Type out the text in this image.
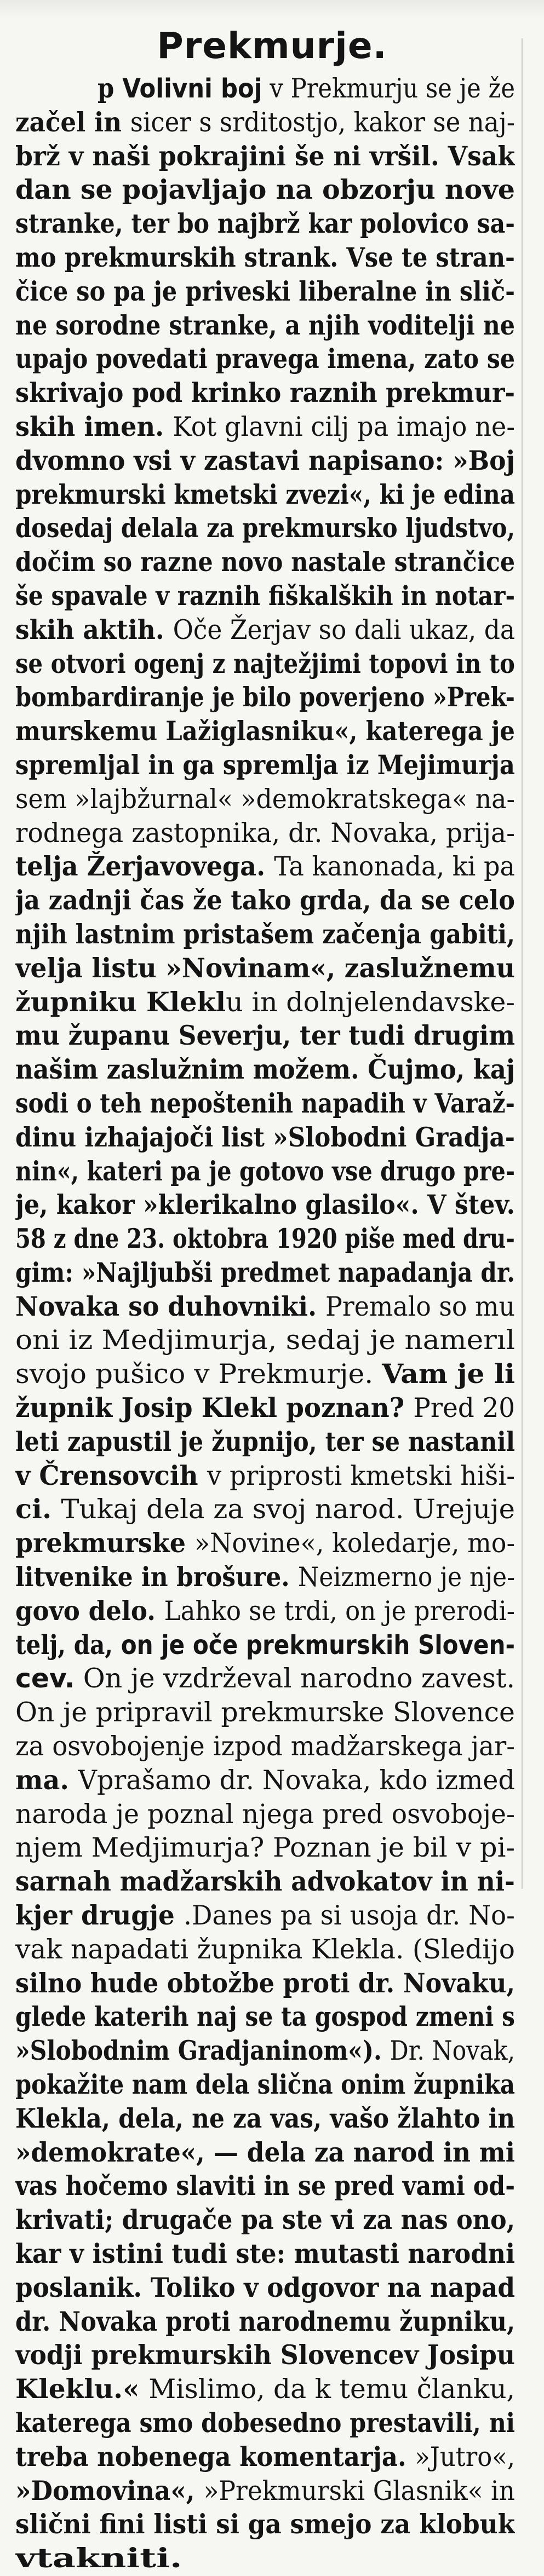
Prekmurje.
p Volivni boj v Prekmurju se je že
začel in sicer s srditostjo, kakor se naj-
brž v naši pokrajini še ni vršil. Vsak
dan se pojavljajo na obzorju nove
stranke, ter bo najbrž kar polovico sa-
mo prekmurskih strank. Vse te stran-
čice so pa je priveski liberalne in slič-
ne sorodne stranke, a njih voditelji ne
upajo povedati pravega imena, zato se
skrivajo pod krinko raznih prekmur-
skih imen. Kot glavni cilj pa imajo ne-
dvomno vsi v zastavi napisano: »Boj
prekmurski kmetski zvezi«, ki je edina
dosedaj delala za prekmursko ljudstvo,
dočim so razne novo nastale strančice
še spavale v raznih fiškalških in notar-
skih aktih. Oče Žerjav so dali ukaz, da
se otvori ogenj z najtežjimi topovi in to
bombardiranje je bilo poverjeno »Prek-
murskemu Lažiglasniku«, katerega je
spremljal in ga spremlja iz Mejimurja
sem »lajbžurnal« »demokratskega« na-
rodnega zastopnika, dr. Novaka, prija-
telja Žerjavovega. Ta kanonada, ki pa
ja zadnji čas že tako grda, da se celo
njih lastnim pristašem začenja gabiti,
velja listu »Novinam«, zaslužnemu
župniku Kleklu in dolnjelendavske-
mu županu Severju, ter tudi drugim
našim zaslužnim možem. Čujmo, kaj
sodi o teh nepoštenih napadih v Varaž-
dinu izhajajoči list »Slobodni Gradja-
nin«, kateri pa je gotovo vse drugo pre-
je, kakor »klerikalno glasilo«. V štev.
58 z dne 23. oktobra 1920 piše med dru-
gim: »Najljubši predmet napadanja dr.
Novaka so duhovniki. Premalo so mu
oni iz Medjimurja, sedaj je namerıl
svojo pušico v Prekmurje. Vam je li
župnik Josip Klekl poznan? Pred 20
leti zapustil je župnijo, ter se nastanil
v Črensovcih v priprosti kmetski hiši-
ci. Tukaj dela za svoj narod. Urejuje
prekmurske »Novine«, koledarje, mo-
litvenike in brošure. Neizmerno je nje-
govo delo. Lahko se trdi, on je prerodi-
telj, da, on je oče prekmurskih Sloven-
cev. On je vzdrževal narodno zavest.
On je pripravil prekmurske Slovence
za osvobojenje izpod madžarskega jar-
ma. Vprašamo dr. Novaka, kdo izmed
naroda je poznal njega pred osvoboje-
njem Medjimurja? Poznan je bil v pi-
sarnah madžarskih advokatov in ni-
kjer drugje .Danes pa si usoja dr. No-
vak napadati župnika Klekla. (Sledijo
silno hude obtožbe proti dr. Novaku,
glede katerih naj se ta gospod zmeni s
»Slobodnim Gradjaninom«). Dr. Novak,
pokažite nam dela slična onim župnika
Klekla, dela, ne za vas, vašo žlahto in
»demokrate«, — dela za narod in mi
vas hočemo slaviti in se pred vami od-
krivati; drugače pa ste vi za nas ono,
kar v istini tudi ste: mutasti narodni
poslanik. Toliko v odgovor na napad
dr. Novaka proti narodnemu župniku,
vodji prekmurskih Slovencev Josipu
Kleklu.« Mislimo, da k temu članku,
katerega smo dobesedno prestavili, ni
treba nobenega komentarja. »Jutro«,
»Domovina«, »Prekmurski Glasnik« in
slični fini listi si ga smejo za klobuk
vtakniti.
